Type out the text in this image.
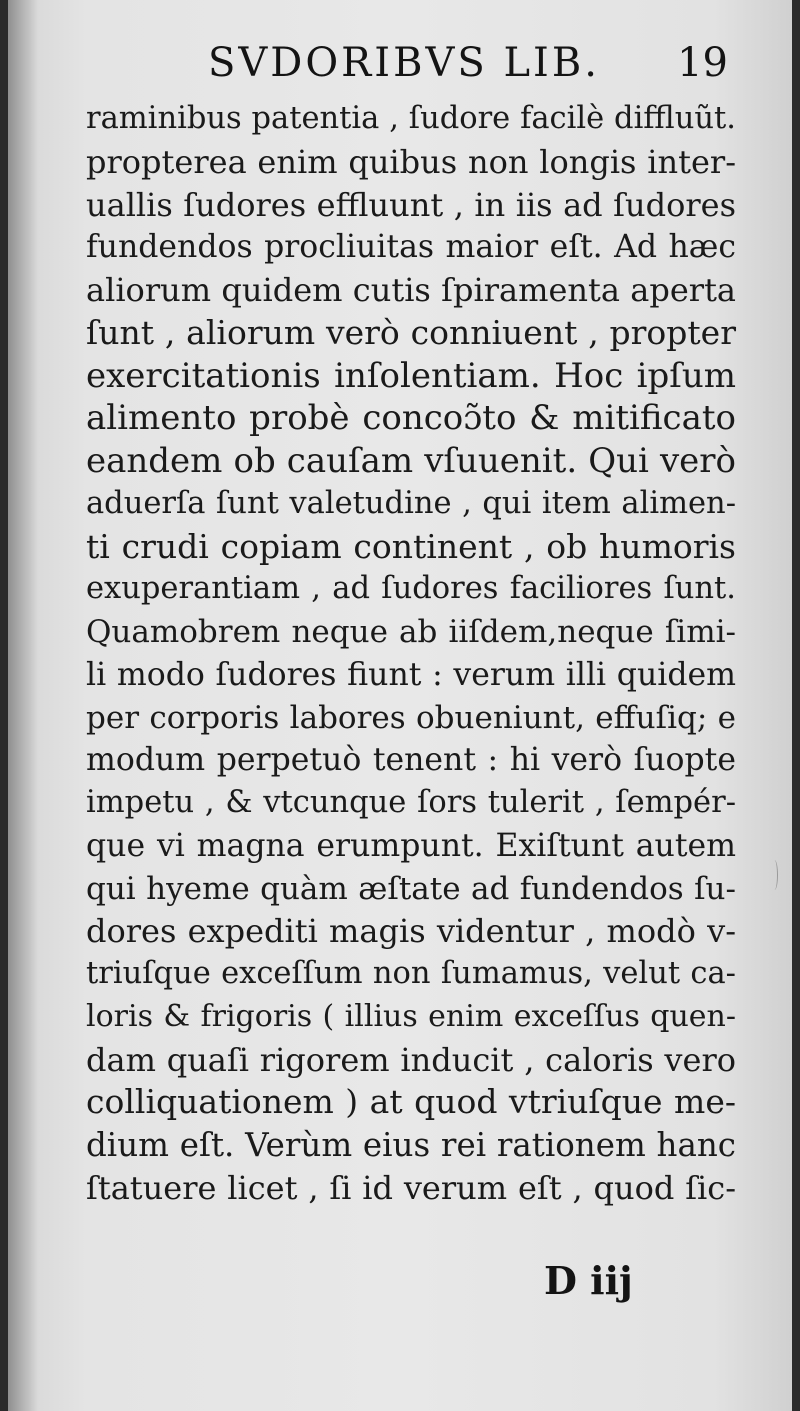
SVDORIBVS LIB. 19
raminibus patentia , ſudore facilè diffluũt.
propterea enim quibus non longis inter-
uallis ſudores effluunt , in iis ad ſudores
fundendos procliuitas maior eſt. Ad hæc
aliorum quidem cutis ſpiramenta aperta
ſunt , aliorum verò conniuent , propter
exercitationis inſolentiam. Hoc ipſum
alimento probè concoɔ̃to & mitificato
eandem ob cauſam vſuuenit. Qui verò
aduerſa ſunt valetudine , qui item alimen-
ti crudi copiam continent , ob humoris
exuperantiam , ad ſudores faciliores ſunt.
Quamobrem neque ab iiſdem,neque ſimi-
li modo ſudores fiunt : verum illi quidem
per corporis labores obueniunt, effuſiq; e
modum perpetuò tenent : hi verò ſuopte
impetu , & vtcunque ſors tulerit , ſempér-
que vi magna erumpunt. Exiſtunt autem
qui hyeme quàm æſtate ad fundendos ſu-
dores expediti magis videntur , modò v-
triuſque exceſſum non ſumamus, velut ca-
loris & frigoris ( illius enim exceſſus quen-
dam quaſi rigorem inducit , caloris vero
colliquationem ) at quod vtriuſque me-
dium eſt. Verùm eius rei rationem hanc
ſtatuere licet , ſi id verum eſt , quod ſic-
D iij
